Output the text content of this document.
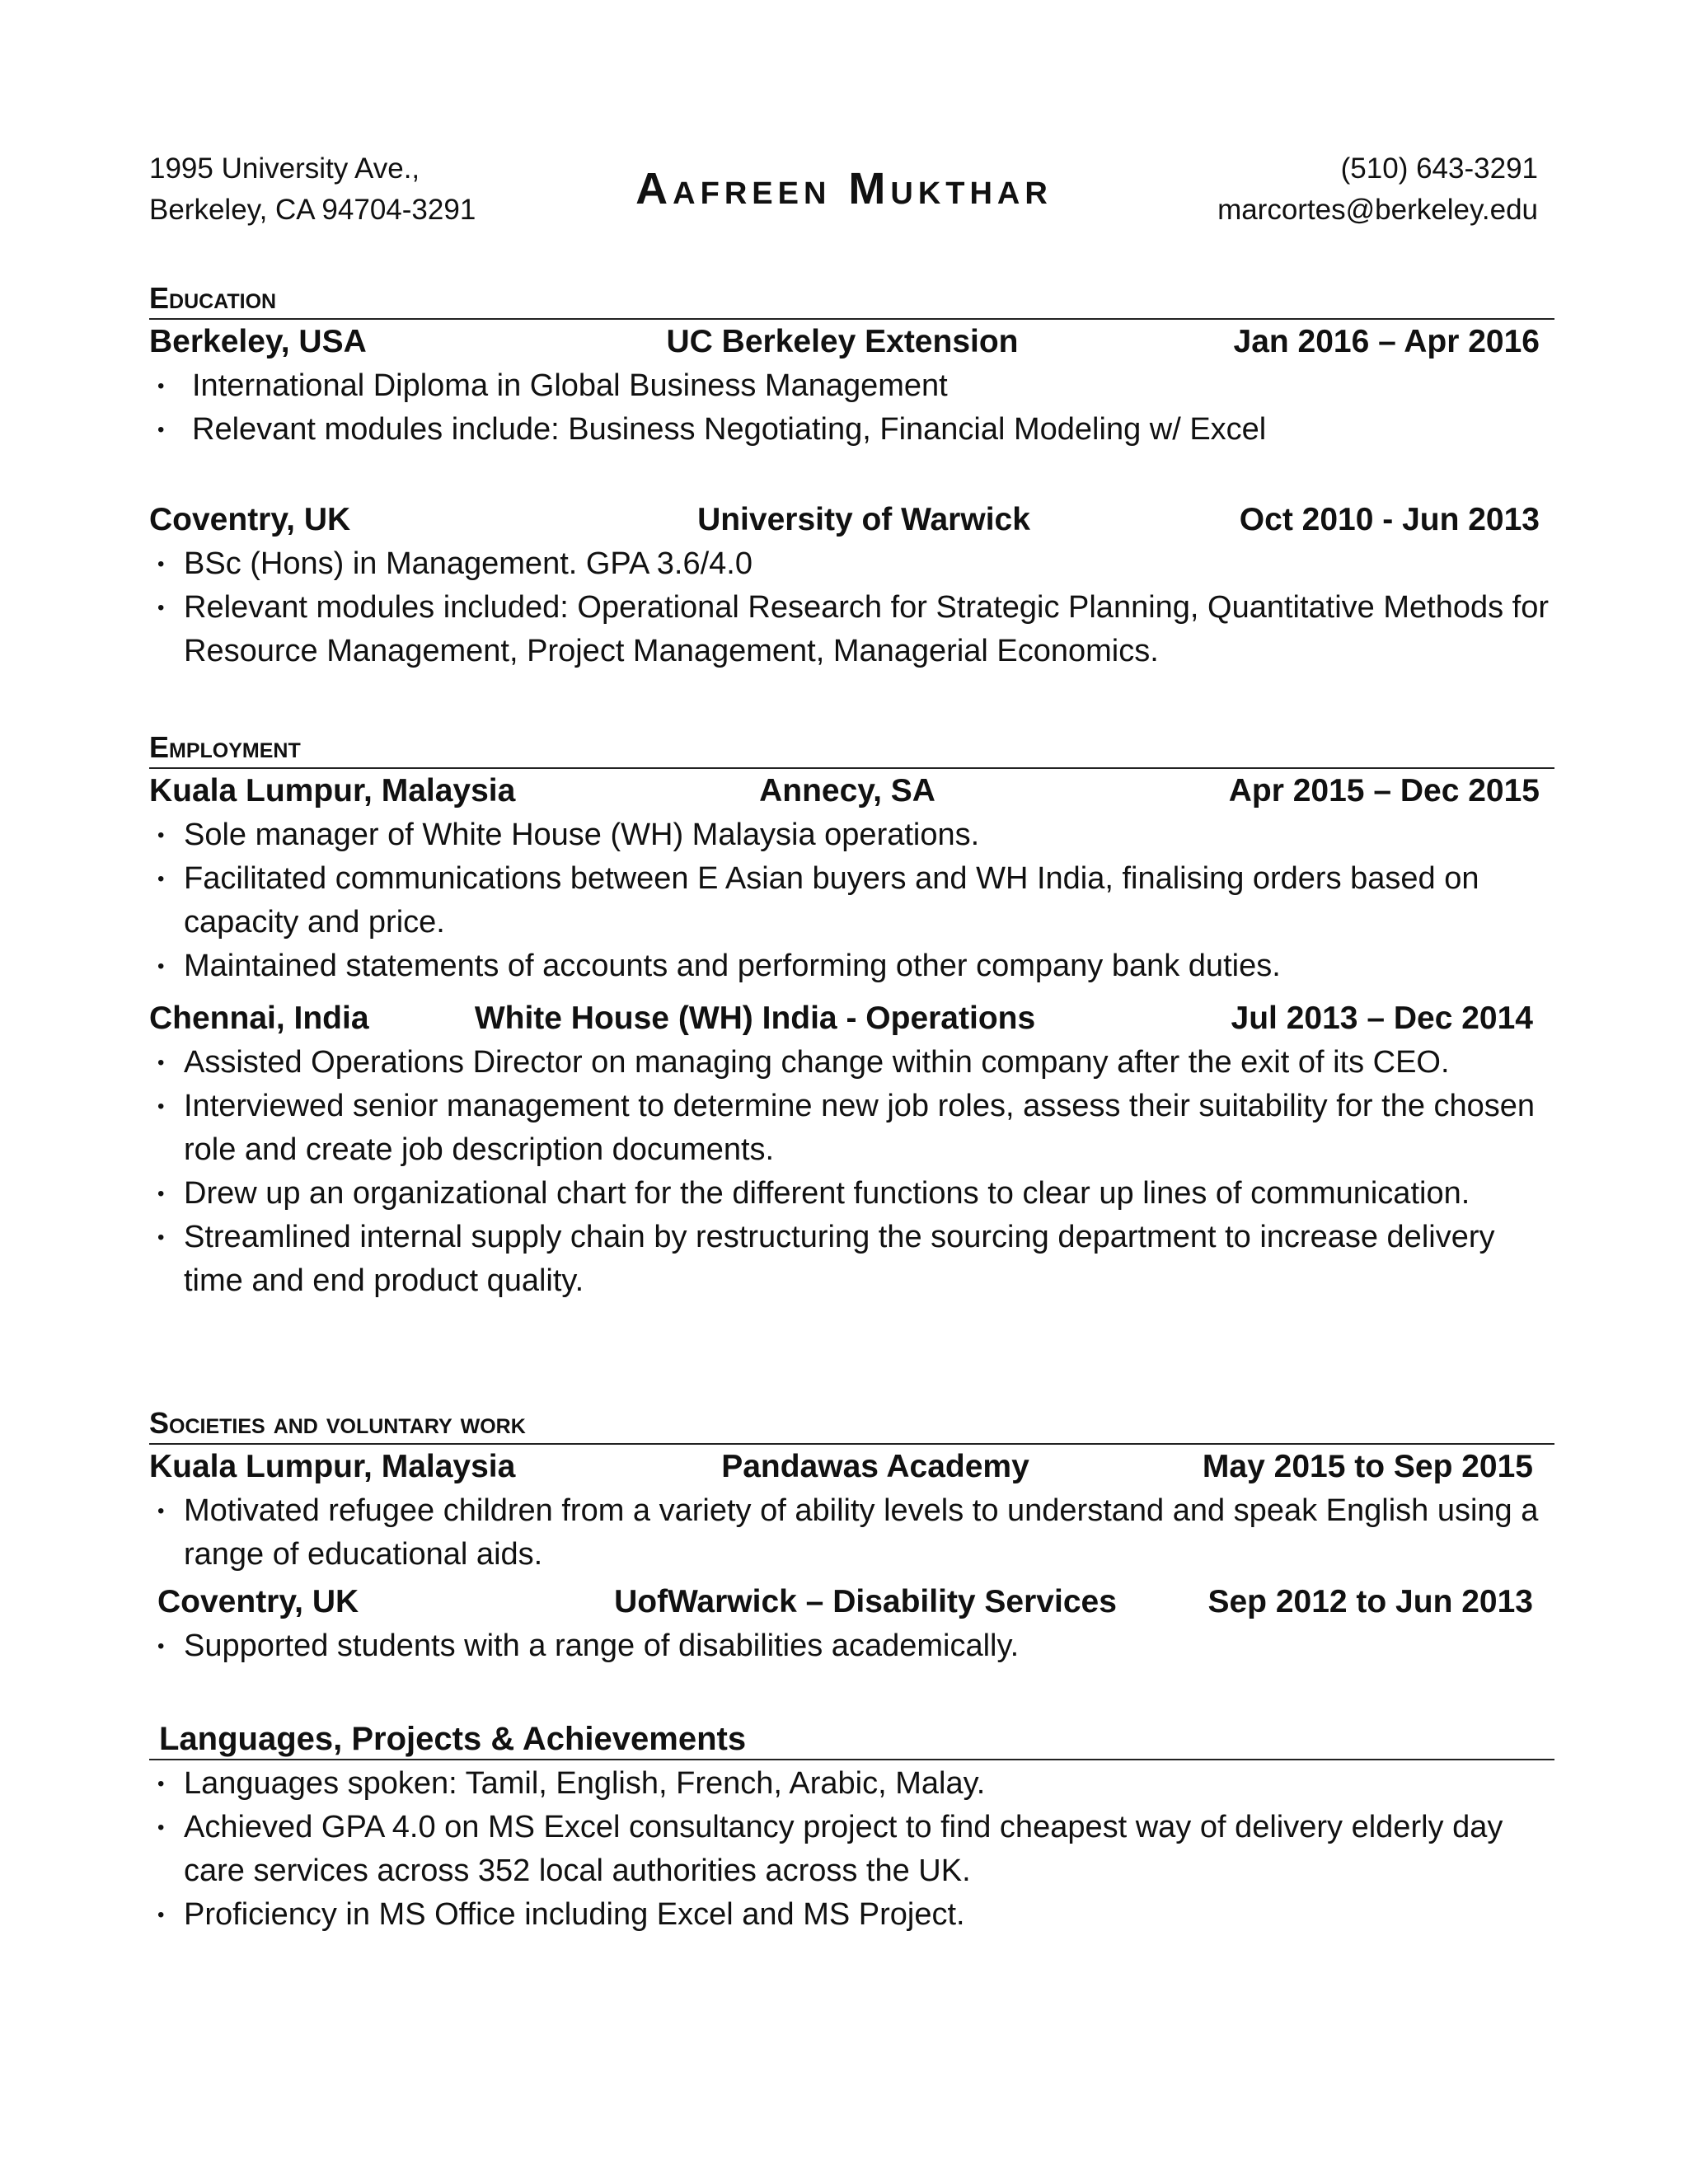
1995 University Ave.,
Berkeley, CA 94704-3291	Aafreen Mukthar	(510) 643-3291
marcortes@berkeley.edu
Education
Berkeley, USA	UC Berkeley Extension	Jan 2016 – Apr 2016
• International Diploma in Global Business Management
• Relevant modules include: Business Negotiating, Financial Modeling w/ Excel
Coventry, UK	University of Warwick	Oct 2010 - Jun 2013
• BSc (Hons) in Management. GPA 3.6/4.0
• Relevant modules included: Operational Research for Strategic Planning, Quantitative Methods for Resource Management, Project Management, Managerial Economics.
Employment
Kuala Lumpur, Malaysia	Annecy, SA	Apr 2015 – Dec 2015
• Sole manager of White House (WH) Malaysia operations.
• Facilitated communications between E Asian buyers and WH India, finalising orders based on capacity and price.
• Maintained statements of accounts and performing other company bank duties.
Chennai, India	White House (WH) India - Operations	Jul 2013 – Dec 2014
• Assisted Operations Director on managing change within company after the exit of its CEO.
• Interviewed senior management to determine new job roles, assess their suitability for the chosen role and create job description documents.
• Drew up an organizational chart for the different functions to clear up lines of communication.
• Streamlined internal supply chain by restructuring the sourcing department to increase delivery time and end product quality.
Societies and voluntary work
Kuala Lumpur, Malaysia	Pandawas Academy	May 2015 to Sep 2015
• Motivated refugee children from a variety of ability levels to understand and speak English using a range of educational aids.
Coventry, UK	UofWarwick – Disability Services	Sep 2012 to Jun 2013
• Supported students with a range of disabilities academically.
Languages, Projects & Achievements
• Languages spoken: Tamil, English, French, Arabic, Malay.
• Achieved GPA 4.0 on MS Excel consultancy project to find cheapest way of delivery elderly day care services across 352 local authorities across the UK.
• Proficiency in MS Office including Excel and MS Project.
